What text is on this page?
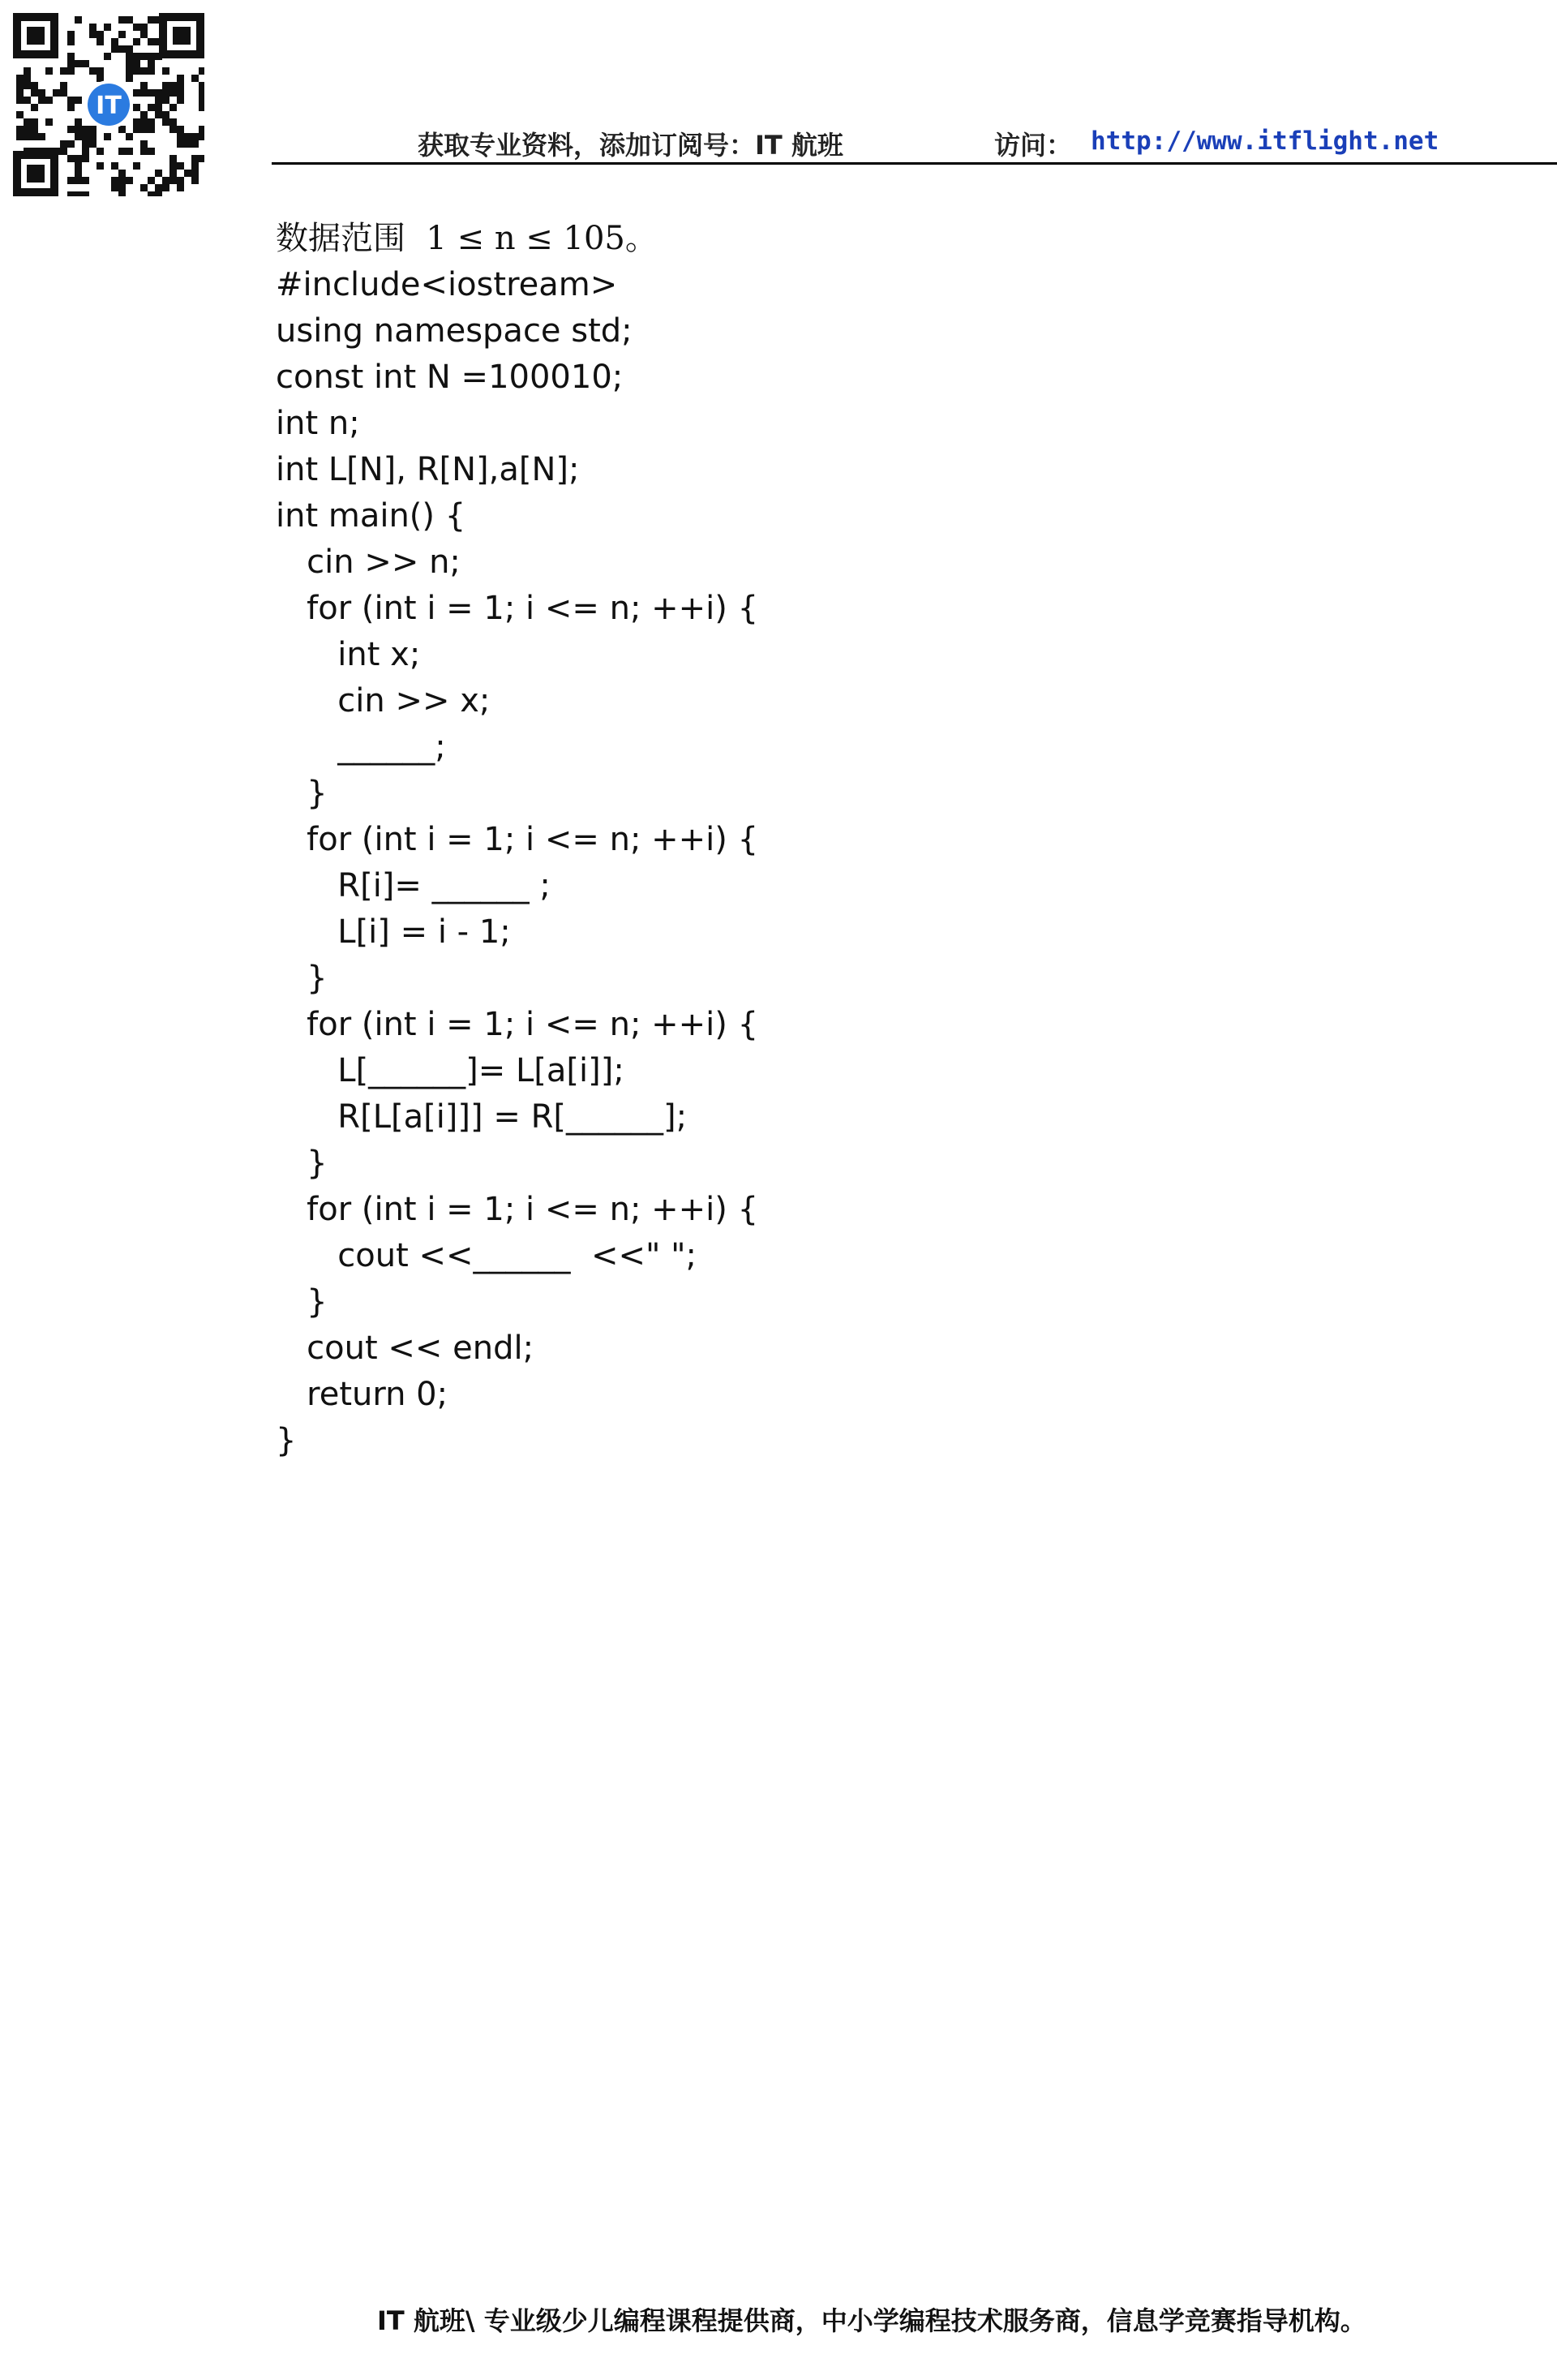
IT
获取专业资料，添加订阅号：IT 航班	访问： http://www.itflight.net
数据范围  1 ≤ n ≤ 105。
#include<iostream>
using namespace std;
const int N =100010;
int n;
int L[N], R[N],a[N];
int main() {
cin >> n;
for (int i = 1; i <= n; ++i) {
int x;
cin >> x;
______;
}
for (int i = 1; i <= n; ++i) {
R[i]= ______ ;
L[i] = i - 1;
}
for (int i = 1; i <= n; ++i) {
L[______]= L[a[i]];
R[L[a[i]]] = R[______];
}
for (int i = 1; i <= n; ++i) {
cout <<______  <<" ";
}
cout << endl;
return 0;
}
IT 航班\ 专业级少儿编程课程提供商，中小学编程技术服务商，信息学竞赛指导机构。
